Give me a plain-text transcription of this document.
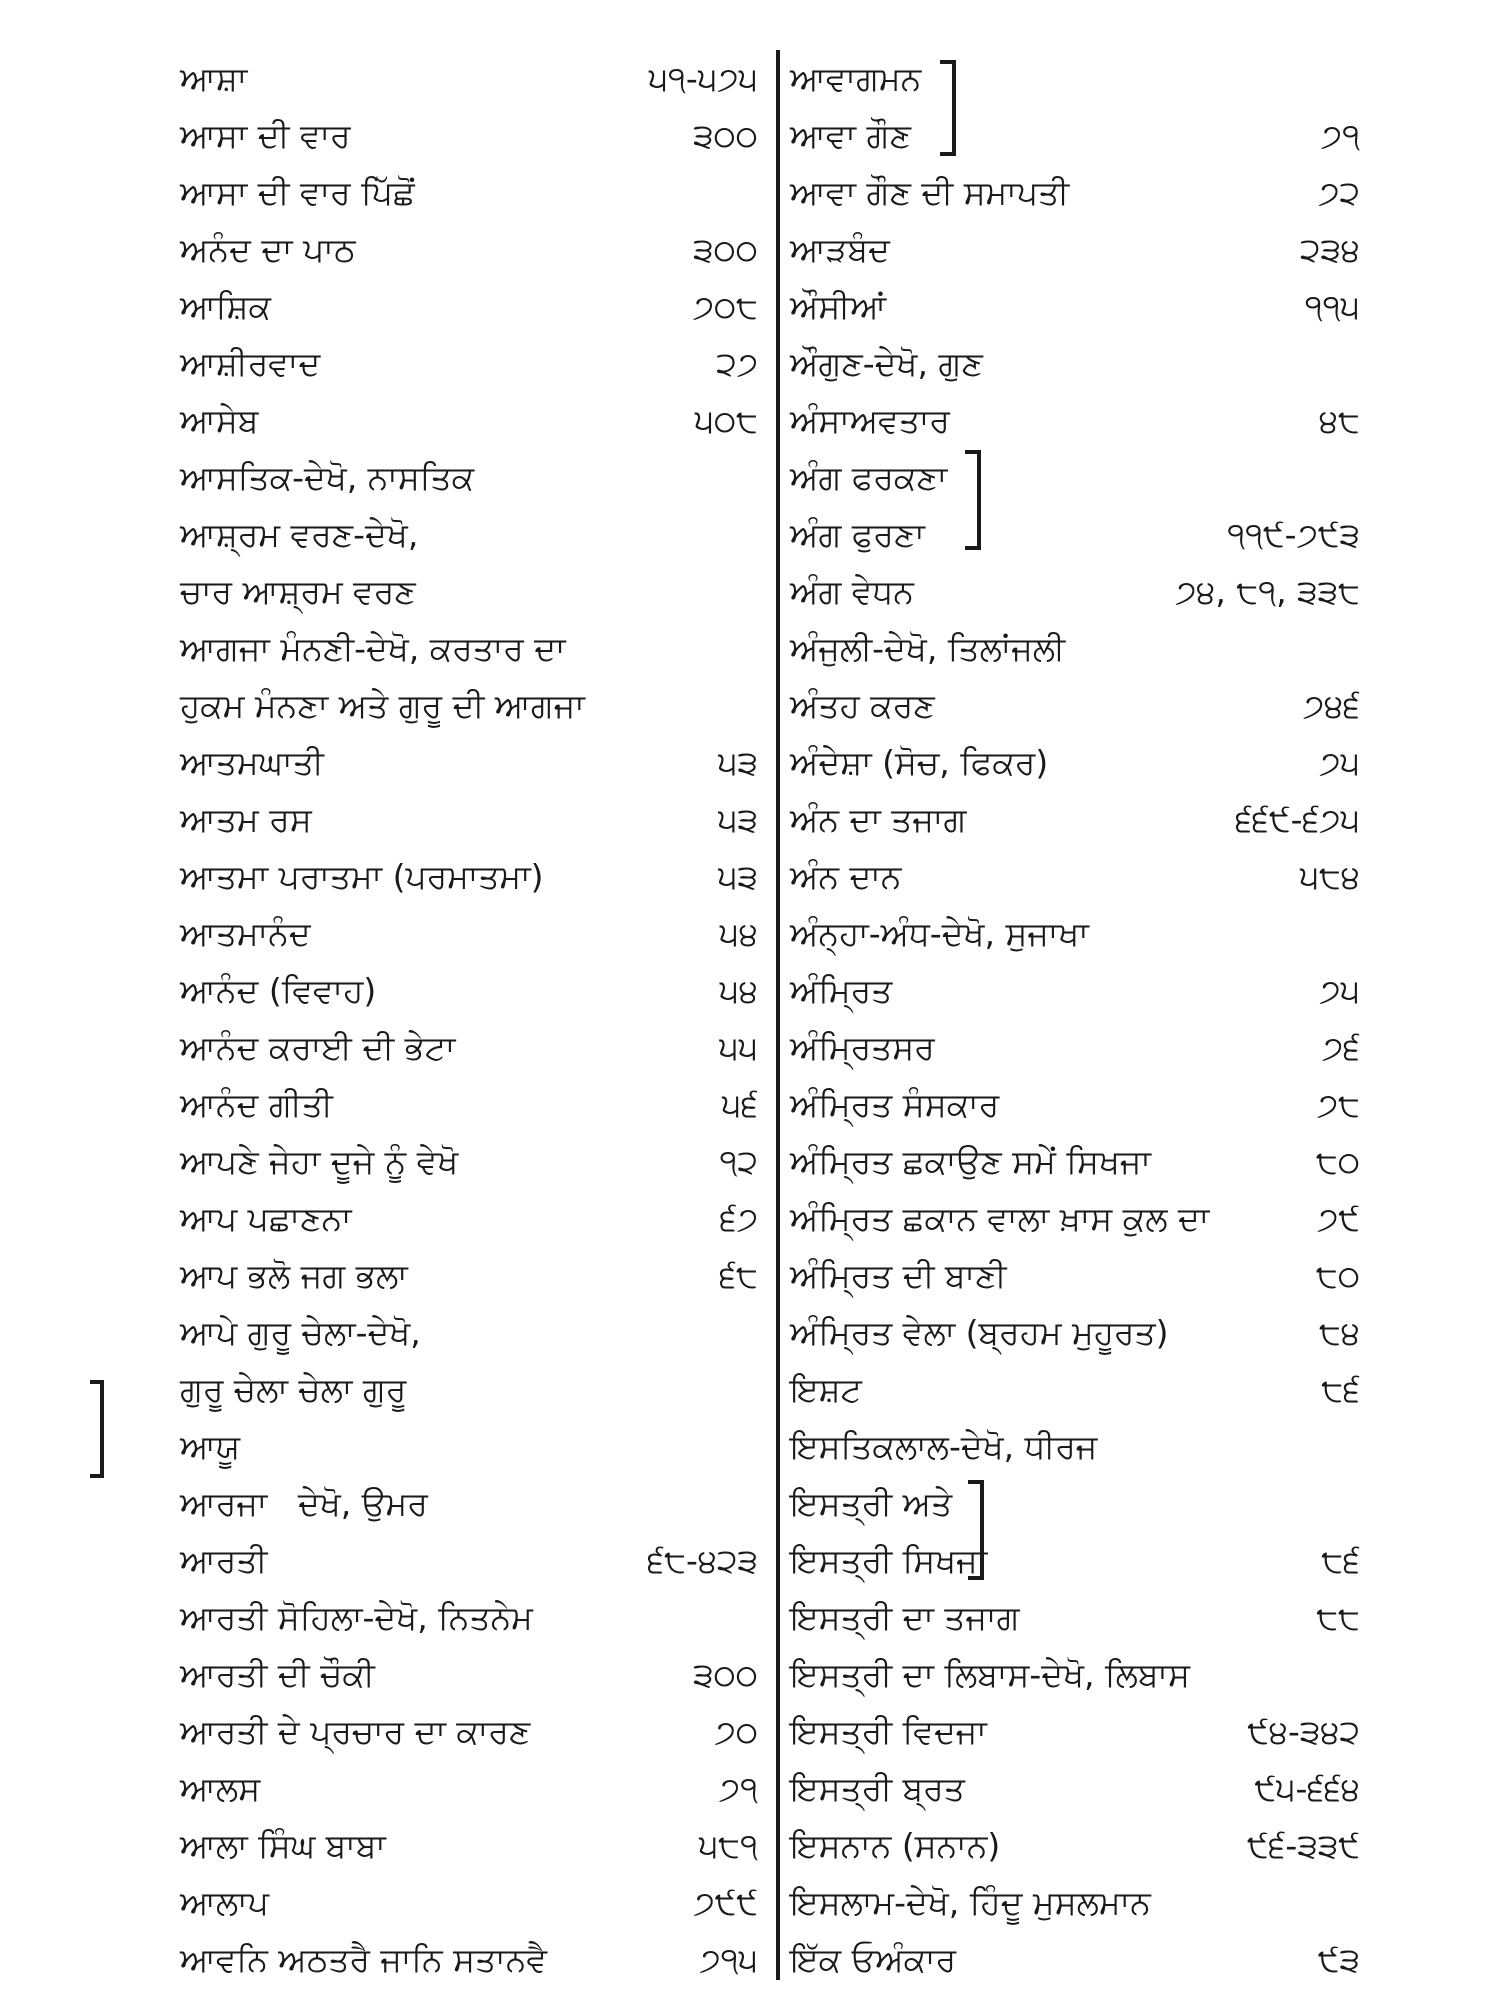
ਆਸ਼ਾ	੫੧-੫੭੫
ਆਸਾ ਦੀ ਵਾਰ	੩੦੦
ਆਸਾ ਦੀ ਵਾਰ ਪਿੱਛੋਂ
ਅਨੰਦ ਦਾ ਪਾਠ	੩੦੦
ਆਸ਼ਿਕ	੭੦੮
ਆਸ਼ੀਰਵਾਦ	੨੭
ਆਸੇਬ	੫੦੮
ਆਸਤਿਕ-ਦੇਖੋ, ਨਾਸਤਿਕ
ਆਸ਼੍ਰਮ ਵਰਣ-ਦੇਖੋ,
ਚਾਰ ਆਸ਼੍ਰਮ ਵਰਣ
ਆਗਜਾ ਮੰਨਣੀ-ਦੇਖੋ, ਕਰਤਾਰ ਦਾ
ਹੁਕਮ ਮੰਨਣਾ ਅਤੇ ਗੁਰੂ ਦੀ ਆਗਜਾ
ਆਤਮਘਾਤੀ	੫੩
ਆਤਮ ਰਸ	੫੩
ਆਤਮਾ ਪਰਾਤਮਾ (ਪਰਮਾਤਮਾ)	੫੩
ਆਤਮਾਨੰਦ	੫੪
ਆਨੰਦ (ਵਿਵਾਹ)	੫੪
ਆਨੰਦ ਕਰਾਈ ਦੀ ਭੇਟਾ	੫੫
ਆਨੰਦ ਗੀਤੀ	੫੬
ਆਪਣੇ ਜੇਹਾ ਦੂਜੇ ਨੂੰ ਵੇਖੋ	੧੨
ਆਪ ਪਛਾਣਨਾ	੬੭
ਆਪ ਭਲੋ ਜਗ ਭਲਾ	੬੮
ਆਪੇ ਗੁਰੂ ਚੇਲਾ-ਦੇਖੋ,
ਗੁਰੂ ਚੇਲਾ ਚੇਲਾ ਗੁਰੂ
ਆਯੂ
ਆਰਜਾ ਦੇਖੋ, ਉਮਰ
ਆਰਤੀ	੬੮-੪੨੩
ਆਰਤੀ ਸੋਹਿਲਾ-ਦੇਖੋ, ਨਿਤਨੇਮ
ਆਰਤੀ ਦੀ ਚੌਕੀ	੩੦੦
ਆਰਤੀ ਦੇ ਪ੍ਰਚਾਰ ਦਾ ਕਾਰਣ	੭੦
ਆਲਸ	੭੧
ਆਲਾ ਸਿੰਘ ਬਾਬਾ	੫੮੧
ਆਲਾਪ	੭੯੯
ਆਵਨਿ ਅਠਤਰੈ ਜਾਨਿ ਸਤਾਨਵੈ	੭੧੫
ਆਵਾਗਮਨ
ਆਵਾ ਗੌਣ	੭੧
ਆਵਾ ਗੌਣ ਦੀ ਸਮਾਪਤੀ	੭੨
ਆੜਬੰਦ	੨੩੪
ਔਸੀਆਂ	੧੧੫
ਔਗੁਣ-ਦੇਖੋ, ਗੁਣ
ਅੰਸਾਅਵਤਾਰ	੪੮
ਅੰਗ ਫਰਕਣਾ
ਅੰਗ ਫੁਰਣਾ	੧੧੯-੭੯੩
ਅੰਗ ਵੇਧਨ	੭੪, ੮੧, ੩੩੮
ਅੰਜੁਲੀ-ਦੇਖੋ, ਤਿਲਾਂਜਲੀ
ਅੰਤਹ ਕਰਣ	੭੪੬
ਅੰਦੇਸ਼ਾ (ਸੋਚ, ਫਿਕਰ)	੭੫
ਅੰਨ ਦਾ ਤਜਾਗ	੬੬੯-੬੭੫
ਅੰਨ ਦਾਨ	੫੮੪
ਅੰਨ੍ਹਾ-ਅੰਧ-ਦੇਖੋ, ਸੁਜਾਖਾ
ਅੰਮ੍ਰਿਤ	੭੫
ਅੰਮ੍ਰਿਤਸਰ	੭੬
ਅੰਮ੍ਰਿਤ ਸੰਸਕਾਰ	੭੮
ਅੰਮ੍ਰਿਤ ਛਕਾਉਣ ਸਮੇਂ ਸਿਖਜਾ	੮੦
ਅੰਮ੍ਰਿਤ ਛਕਾਨ ਵਾਲਾ ਖ਼ਾਸ ਕੁਲ ਦਾ	੭੯
ਅੰਮ੍ਰਿਤ ਦੀ ਬਾਣੀ	੮੦
ਅੰਮ੍ਰਿਤ ਵੇਲਾ (ਬ੍ਰਹਮ ਮੁਹੂਰਤ)	੮੪
ਇਸ਼ਟ	੮੬
ਇਸਤਿਕਲਾਲ-ਦੇਖੋ, ਧੀਰਜ
ਇਸਤ੍ਰੀ ਅਤੇ
ਇਸਤ੍ਰੀ ਸਿਖਜਾ	੮੬
ਇਸਤ੍ਰੀ ਦਾ ਤਜਾਗ	੮੮
ਇਸਤ੍ਰੀ ਦਾ ਲਿਬਾਸ-ਦੇਖੋ, ਲਿਬਾਸ
ਇਸਤ੍ਰੀ ਵਿਦਜਾ	੯੪-੩੪੨
ਇਸਤ੍ਰੀ ਬ੍ਰਤ	੯੫-੬੬੪
ਇਸਨਾਨ (ਸਨਾਨ)	੯੬-੩੩੯
ਇਸਲਾਮ-ਦੇਖੋ, ਹਿੰਦੂ ਮੁਸਲਮਾਨ
ਇੱਕ ਓਅੰਕਾਰ	੯੩
